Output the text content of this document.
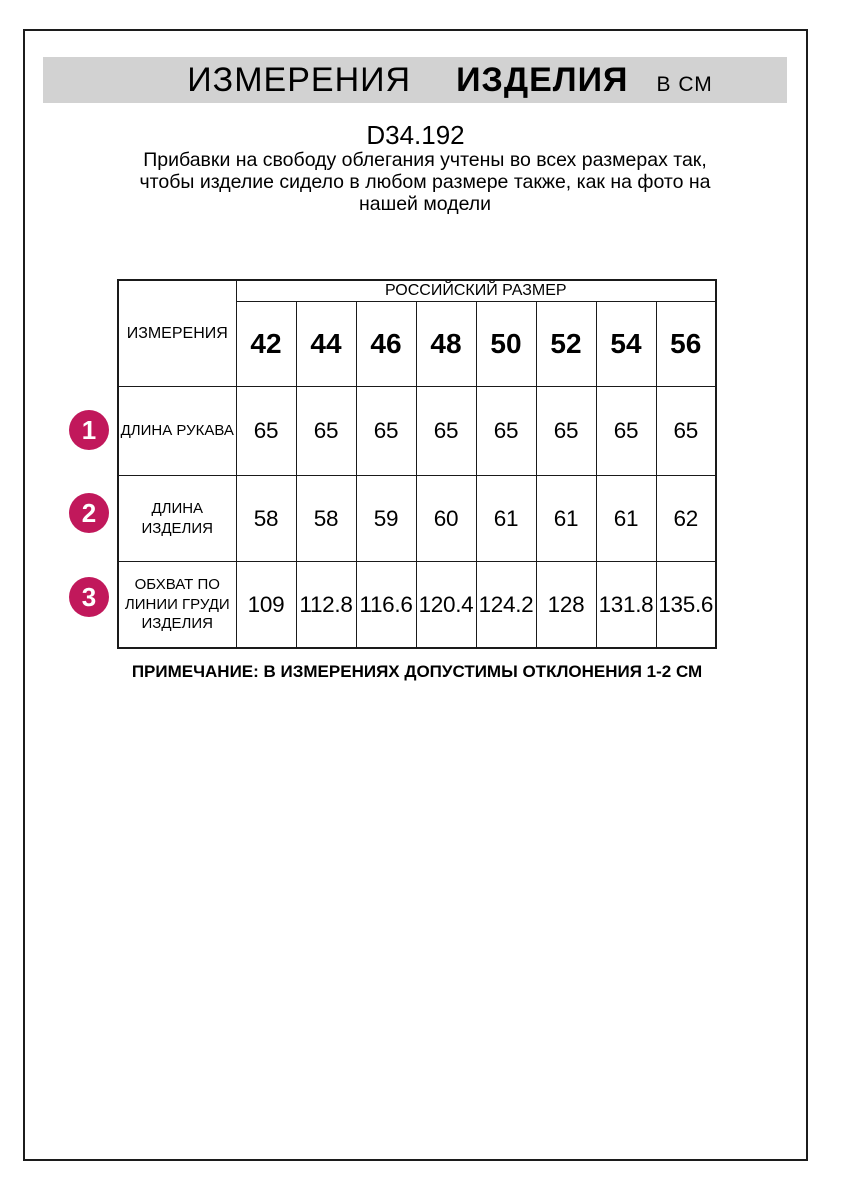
ИЗМЕРЕНИЯ ИЗДЕЛИЯ В СМ
D34.192
Прибавки на свободу облегания учтены во всех размерах так, чтобы изделие сидело в любом размере также, как на фото на нашей модели
ИЗМЕРЕНИЯ	РОССИЙСКИЙ РАЗМЕР							
	42	44	46	48	50	52	54	56
ДЛИНА РУКАВА	65	65	65	65	65	65	65	65
ДЛИНА ИЗДЕЛИЯ	58	58	59	60	61	61	61	62
ОБХВАТ ПО ЛИНИИ ГРУДИ ИЗДЕЛИЯ	109	112.8	116.6	120.4	124.2	128	131.8	135.6
1
2
3
ПРИМЕЧАНИЕ: В ИЗМЕРЕНИЯХ ДОПУСТИМЫ ОТКЛОНЕНИЯ 1-2 СМ
